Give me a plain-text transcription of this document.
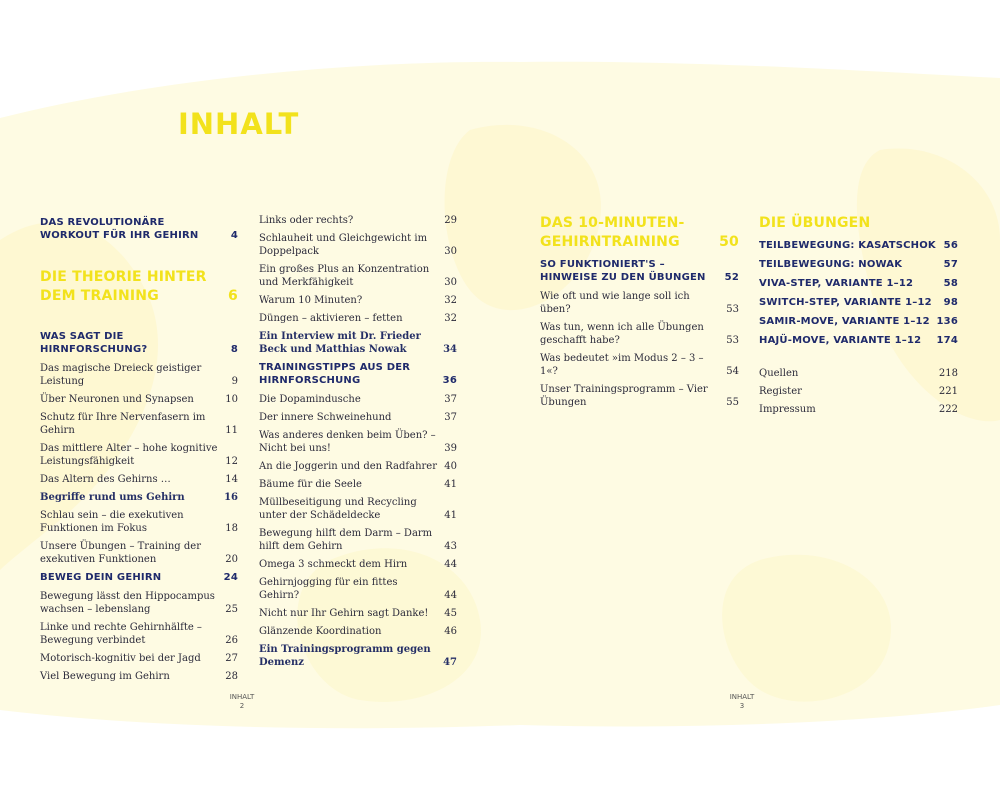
INHALT
DAS REVOLUTIONÄRE WORKOUT FÜR IHR GEHIRN	4
DIE THEORIE HINTER DEM TRAINING	6
WAS SAGT DIE HIRNFORSCHUNG?	8
Das magische Dreieck geistiger Leistung	9
Über Neuronen und Synapsen	10
Schutz für Ihre Nervenfasern im Gehirn	11
Das mittlere Alter – hohe kognitive Leistungsfähigkeit	12
Das Altern des Gehirns …	14
Begriffe rund ums Gehirn	16
Schlau sein – die exekutiven Funktionen im Fokus	18
Unsere Übungen – Training der exekutiven Funktionen	20
BEWEG DEIN GEHIRN	24
Bewegung lässt den Hippocampus wachsen – lebenslang	25
Linke und rechte Gehirnhälfte – Bewegung verbindet	26
Motorisch-kognitiv bei der Jagd	27
Viel Bewegung im Gehirn	28
Links oder rechts?	29
Schlauheit und Gleichgewicht im Doppelpack	30
Ein großes Plus an Konzentration und Merkfähigkeit	30
Warum 10 Minuten?	32
Düngen – aktivieren – fetten	32
Ein Interview mit Dr. Frieder Beck und Matthias Nowak	34
TRAININGSTIPPS AUS DER HIRNFORSCHUNG	36
Die Dopamindusche	37
Der innere Schweinehund	37
Was anderes denken beim Üben? – Nicht bei uns!	39
An die Joggerin und den Radfahrer 40
Bäume für die Seele	41
Müllbeseitigung und Recycling unter der Schädeldecke	41
Bewegung hilft dem Darm – Darm hilft dem Gehirn	43
Omega 3 schmeckt dem Hirn	44
Gehirnjogging für ein fittes Gehirn?	44
Nicht nur Ihr Gehirn sagt Danke!	45
Glänzende Koordination	46
Ein Trainingsprogramm gegen Demenz	47
DAS 10-MINUTEN-GEHIRNTRAINING	50
SO FUNKTIONIERT'S – HINWEISE ZU DEN ÜBUNGEN	52
Wie oft und wie lange soll ich üben?	53
Was tun, wenn ich alle Übungen geschafft habe?	53
Was bedeutet »im Modus 2 – 3 – 1«?	54
Unser Trainingsprogramm – Vier Übungen	55
DIE ÜBUNGEN
TEILBEWEGUNG: KASATSCHOK 56
TEILBEWEGUNG: NOWAK	57
VIVA-STEP, VARIANTE 1–12	58
SWITCH-STEP, VARIANTE 1–12	98
SAMIR-MOVE, VARIANTE 1–12 136
HAJÜ-MOVE, VARIANTE 1–12	174
Quellen	218
Register	221
Impressum	222
INHALT
2
INHALT
3
